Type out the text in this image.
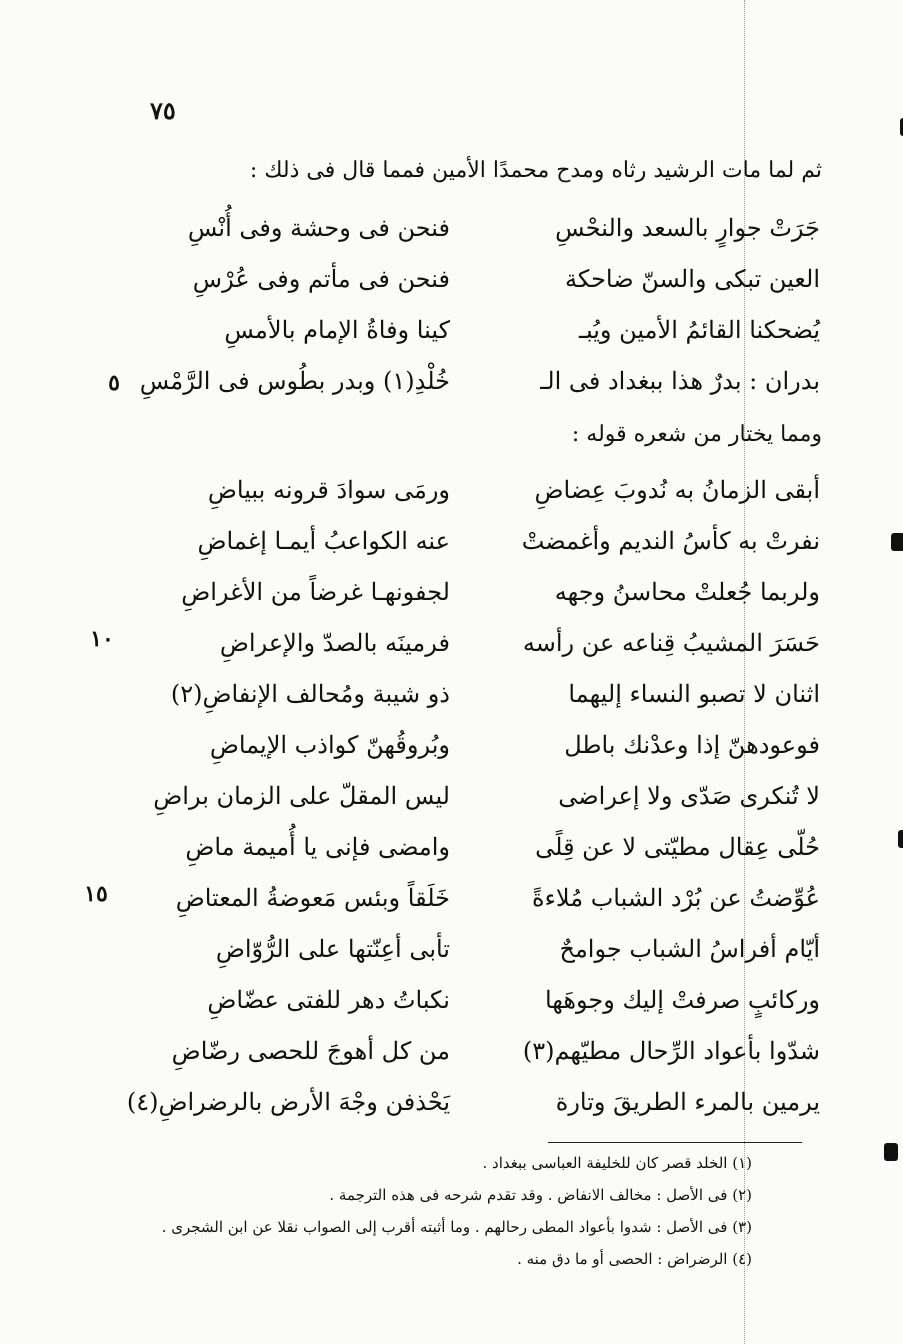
٧٥
ثم لما مات الرشيد رثاه ومدح محمدًا الأمين فمما قال فى ذلك :
جَرَتْ جوارٍ بالسعد والنحْسِ
فنحن فى وحشة وفى أُنْسِ
العين تبكى والسنّ ضاحكة
فنحن فى مأتم وفى عُرْسِ
يُضحكنا القائمُ الأمين ويُبـ
كينا وفاةُ الإمام بالأمسِ
بدران : بدرٌ هذا ببغداد فى الـ
خُلْدِ(١) وبدر بطُوس فى الرَّمْسِ
٥
ومما يختار من شعره قوله :
أبقى الزمانُ به نُدوبَ عِضاضِ
ورمَى سوادَ قرونه ببياضِ
نفرتْ به كأسُ النديم وأغمضتْ
عنه الكواعبُ أيمـا إغماضِ
ولربما جُعلتْ محاسنُ وجهه
لجفونهـا غرضاً من الأغراضِ
حَسَرَ المشيبُ قِناعه عن رأسه
فرمينَه بالصدّ والإعراضِ
اثنان لا تصبو النساء إليهما
ذو شيبة ومُحالف الإنفاضِ(٢)
فوعودهنّ إذا وعدْنك باطل
وبُروقُهنّ كواذب الإيماضِ
لا تُنكرى صَدّى ولا إعراضى
ليس المقلّ على الزمان براضِ
حُلّى عِقال مطيّتى لا عن قِلًى
وامضى فإنى يا أُميمة ماضِ
عُوِّضتُ عن بُرْد الشباب مُلاءةً
خَلَقاً وبئس مَعوضةُ المعتاضِ
أيّام أفراسُ الشباب جوامحٌ
تأبى أعِنّتها على الرُّوّاضِ
وركائبٍ صرفتْ إليك وجوهَها
نكباتُ دهر للفتى عضّاضِ
شدّوا بأعواد الرِّحال مطيّهم(٣)
من كل أهوجَ للحصى رضّاضِ
يرمين بالمرء الطريقَ وتارة
يَحْذفن وجْهَ الأرض بالرضراضِ(٤)
١٠
١٥
(١) الخلد قصر كان للخليفة العباسى ببغداد .
(٢) فى الأصل : مخالف الانفاض . وقد تقدم شرحه فى هذه الترجمة .
(٣) فى الأصل : شدوا بأعواد المطى رحالهم . وما أثبته أقرب إلى الصواب نقلا عن ابن الشجرى .
(٤) الرضراض : الحصى أو ما دق منه .
